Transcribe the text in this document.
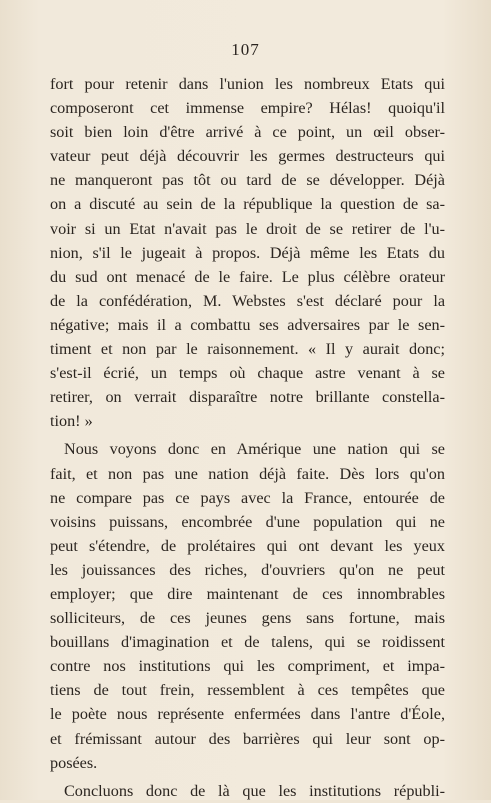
107
fort pour retenir dans l'union les nombreux Etats qui
composeront cet immense empire? Hélas! quoiqu'il
soit bien loin d'être arrivé à ce point, un œil obser-
vateur peut déjà découvrir les germes destructeurs qui
ne manqueront pas tôt ou tard de se développer. Déjà
on a discuté au sein de la république la question de sa-
voir si un Etat n'avait pas le droit de se retirer de l'u-
nion, s'il le jugeait à propos. Déjà même les Etats du
du sud ont menacé de le faire. Le plus célèbre orateur
de la confédération, M. Webstes s'est déclaré pour la
négative; mais il a combattu ses adversaires par le sen-
timent et non par le raisonnement. « Il y aurait donc;
s'est-il écrié, un temps où chaque astre venant à se
retirer, on verrait disparaître notre brillante constella-
tion! »
Nous voyons donc en Amérique une nation qui se
fait, et non pas une nation déjà faite. Dès lors qu'on
ne compare pas ce pays avec la France, entourée de
voisins puissans, encombrée d'une population qui ne
peut s'étendre, de prolétaires qui ont devant les yeux
les jouissances des riches, d'ouvriers qu'on ne peut
employer; que dire maintenant de ces innombrables
solliciteurs, de ces jeunes gens sans fortune, mais
bouillans d'imagination et de talens, qui se roidissent
contre nos institutions qui les compriment, et impa-
tiens de tout frein, ressemblent à ces tempêtes que
le poète nous représente enfermées dans l'antre d'Éole,
et frémissant autour des barrières qui leur sont op-
posées.
Concluons donc de là que les institutions républi-
